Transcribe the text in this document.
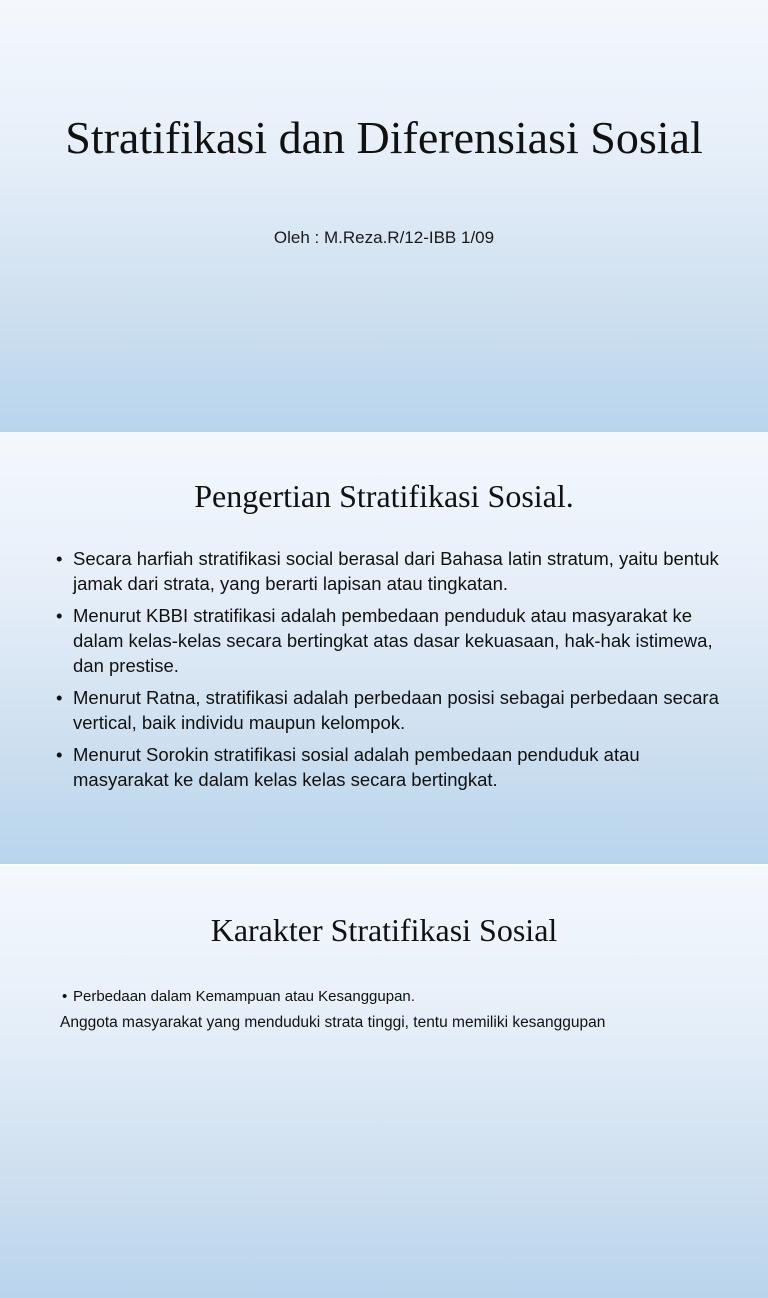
Stratifikasi dan Diferensiasi Sosial
Oleh : M.Reza.R/12-IBB 1/09
Pengertian Stratifikasi Sosial.
• Secara harfiah stratifikasi social berasal dari Bahasa latin stratum, yaitu bentuk jamak dari strata, yang berarti lapisan atau tingkatan.
• Menurut KBBI stratifikasi adalah pembedaan penduduk atau masyarakat ke dalam kelas-kelas secara bertingkat atas dasar kekuasaan, hak-hak istimewa, dan prestise.
• Menurut Ratna, stratifikasi adalah perbedaan posisi sebagai perbedaan secara vertical, baik individu maupun kelompok.
• Menurut Sorokin stratifikasi sosial adalah pembedaan penduduk atau masyarakat ke dalam kelas kelas secara bertingkat.
Karakter Stratifikasi Sosial
• Perbedaan dalam Kemampuan atau Kesanggupan.

Anggota masyarakat yang menduduki strata tinggi, tentu memiliki kesanggupan
